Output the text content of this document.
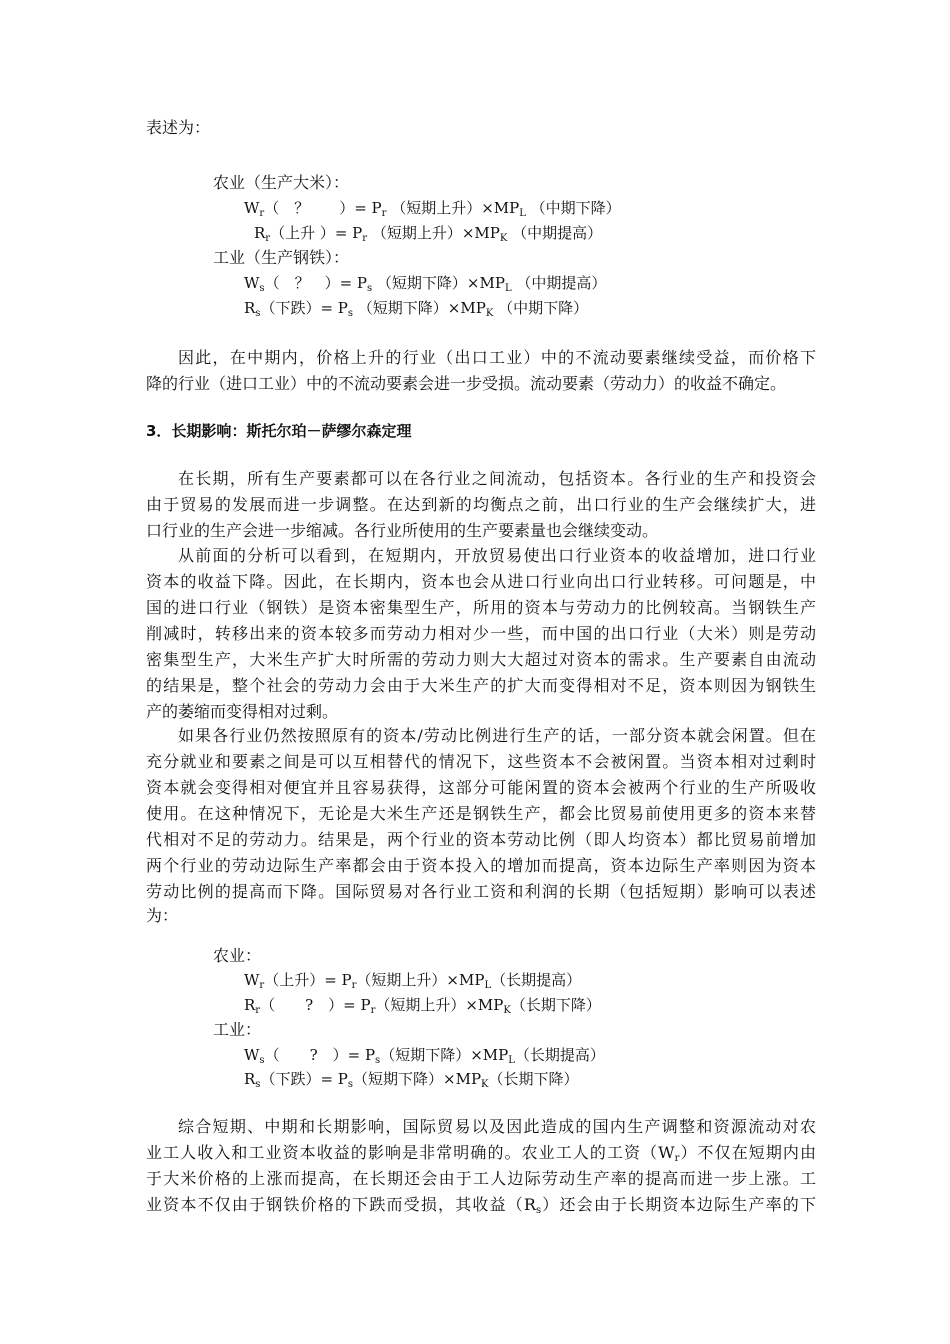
表述为：
农业（生产大米）：
$W_r$（　？　　）= $P_r$ （短期上升）$\times MP_L$ （中期下降）
$R_r$（上升 ）= $P_r$ （短期上升）$\times MP_K$ （中期提高）
工业（生产钢铁）：
$W_s$（　？　）= $P_s$ （短期下降）$\times MP_L$ （中期提高）
$R_s$（下跌）= $P_s$ （短期下降）$\times MP_K$ （中期下降）
因此，在中期内，价格上升的行业（出口工业）中的不流动要素继续受益，而价格下
降的行业（进口工业）中的不流动要素会进一步受损。流动要素（劳动力）的收益不确定。
3．长期影响：斯托尔珀－萨缪尔森定理
在长期，所有生产要素都可以在各行业之间流动，包括资本。各行业的生产和投资会
由于贸易的发展而进一步调整。在达到新的均衡点之前，出口行业的生产会继续扩大，进
口行业的生产会进一步缩减。各行业所使用的生产要素量也会继续变动。
从前面的分析可以看到，在短期内，开放贸易使出口行业资本的收益增加，进口行业
资本的收益下降。因此，在长期内，资本也会从进口行业向出口行业转移。可问题是，中
国的进口行业（钢铁）是资本密集型生产，所用的资本与劳动力的比例较高。当钢铁生产
削减时，转移出来的资本较多而劳动力相对少一些，而中国的出口行业（大米）则是劳动
密集型生产，大米生产扩大时所需的劳动力则大大超过对资本的需求。生产要素自由流动
的结果是，整个社会的劳动力会由于大米生产的扩大而变得相对不足，资本则因为钢铁生
产的萎缩而变得相对过剩。
如果各行业仍然按照原有的资本/劳动比例进行生产的话，一部分资本就会闲置。但在
充分就业和要素之间是可以互相替代的情况下，这些资本不会被闲置。当资本相对过剩时
资本就会变得相对便宜并且容易获得，这部分可能闲置的资本会被两个行业的生产所吸收
使用。在这种情况下，无论是大米生产还是钢铁生产，都会比贸易前使用更多的资本来替
代相对不足的劳动力。结果是，两个行业的资本劳动比例（即人均资本）都比贸易前增加
两个行业的劳动边际生产率都会由于资本投入的增加而提高，资本边际生产率则因为资本
劳动比例的提高而下降。国际贸易对各行业工资和利润的长期（包括短期）影响可以表述
为：
农业：
$W_r$（上升）= $P_r$（短期上升）$\times MP_L$（长期提高）
$R_r$（　　?　）= $P_r$（短期上升）$\times MP_K$（长期下降）
工业：
$W_s$（　　?　）= $P_s$（短期下降）$\times MP_L$（长期提高）
$R_s$（下跌）= $P_s$（短期下降）$\times MP_K$（长期下降）
综合短期、中期和长期影响，国际贸易以及因此造成的国内生产调整和资源流动对农
业工人收入和工业资本收益的影响是非常明确的。农业工人的工资$(W_r)$不仅在短期内由
于大米价格的上涨而提高，在长期还会由于工人边际劳动生产率的提高而进一步上涨。工
业资本不仅由于钢铁价格的下跌而受损，其收益$(R_s)$还会由于长期资本边际生产率的下
